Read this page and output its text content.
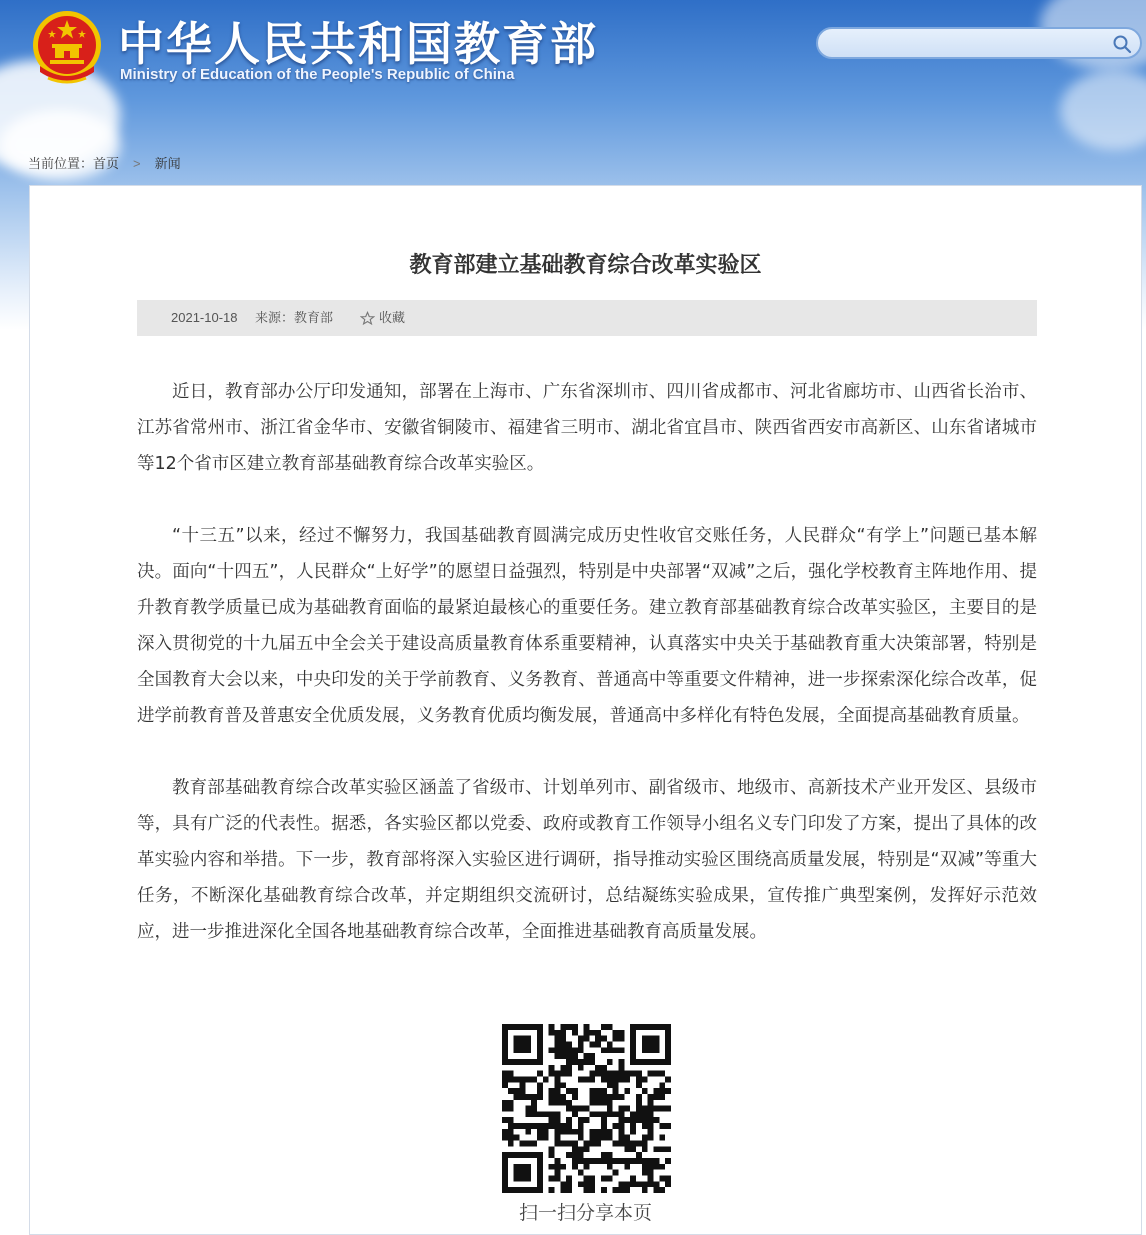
中华人民共和国教育部

Ministry of Education of the People's Republic of China

当前位置：首页 > 新闻
教育部建立基础教育综合改革实验区
2021-10-18 来源：教育部	收藏

近日，教育部办公厅印发通知，部署在上海市、广东省深圳市、四川省成都市、河北省廊坊市、山西省长治市、江苏省常州市、浙江省金华市、安徽省铜陵市、福建省三明市、湖北省宜昌市、陕西省西安市高新区、山东省诸城市等12个省市区建立教育部基础教育综合改革实验区。

“十三五”以来，经过不懈努力，我国基础教育圆满完成历史性收官交账任务，人民群众“有学上”问题已基本解决。面向“十四五”，人民群众“上好学”的愿望日益强烈，特别是中央部署“双减”之后，强化学校教育主阵地作用、提升教育教学质量已成为基础教育面临的最紧迫最核心的重要任务。建立教育部基础教育综合改革实验区，主要目的是深入贯彻党的十九届五中全会关于建设高质量教育体系重要精神，认真落实中央关于基础教育重大决策部署，特别是全国教育大会以来，中央印发的关于学前教育、义务教育、普通高中等重要文件精神，进一步探索深化综合改革，促进学前教育普及普惠安全优质发展，义务教育优质均衡发展，普通高中多样化有特色发展，全面提高基础教育质量。

教育部基础教育综合改革实验区涵盖了省级市、计划单列市、副省级市、地级市、高新技术产业开发区、县级市等，具有广泛的代表性。据悉，各实验区都以党委、政府或教育工作领导小组名义专门印发了方案，提出了具体的改革实验内容和举措。下一步，教育部将深入实验区进行调研，指导推动实验区围绕高质量发展，特别是“双减”等重大任务，不断深化基础教育综合改革，并定期组织交流研讨，总结凝练实验成果，宣传推广典型案例，发挥好示范效应，进一步推进深化全国各地基础教育综合改革，全面推进基础教育高质量发展。

扫一扫分享本页
